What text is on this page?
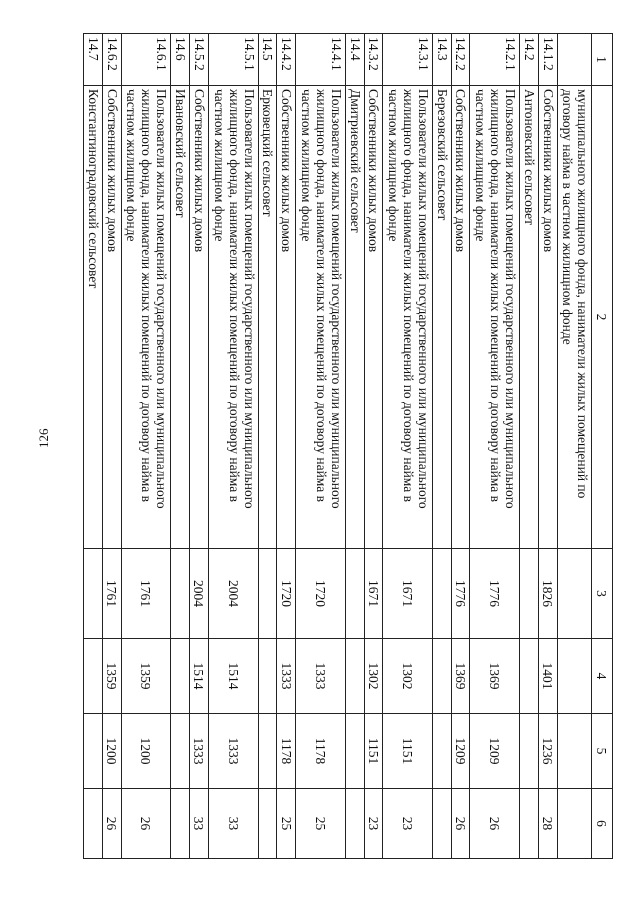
126
1	2	3	4	5	6
	муниципального жилищного фонда, наниматели жилых помещений по договору найма в частном жилищном фонде				
14.1.2	Собственники жилых домов	1826	1401	1236	28
14.2	Антоновский сельсовет				
14.2.1	Пользователи жилых помещений государственного или муниципального жилищного фонда, наниматели жилых помещений по договору найма в частном жилищном фонде	1776	1369	1209	26
14.2.2	Собственники жилых домов	1776	1369	1209	26
14.3	Березовский сельсовет				
14.3.1	Пользователи жилых помещений государственного или муниципального жилищного фонда, наниматели жилых помещений по договору найма в частном жилищном фонде	1671	1302	1151	23
14.3.2	Собственники жилых домов	1671	1302	1151	23
14.4	Дмитриевский сельсовет				
14.4.1	Пользователи жилых помещений государственного или муниципального жилищного фонда, наниматели жилых помещений по договору найма в частном жилищном фонде	1720	1333	1178	25
14.4.2	Собственники жилых домов	1720	1333	1178	25
14.5	Ерковецкий сельсовет				
14.5.1	Пользователи жилых помещений государственного или муниципального жилищного фонда, наниматели жилых помещений по договору найма в частном жилищном фонде	2004	1514	1333	33
14.5.2	Собственники жилых домов	2004	1514	1333	33
14.6	Ивановский сельсовет				
14.6.1	Пользователи жилых помещений государственного или муниципального жилищного фонда, наниматели жилых помещений по договору найма в частном жилищном фонде	1761	1359	1200	26
14.6.2	Собственники жилых домов	1761	1359	1200	26
14.7	Константиноградовский сельсовет				
